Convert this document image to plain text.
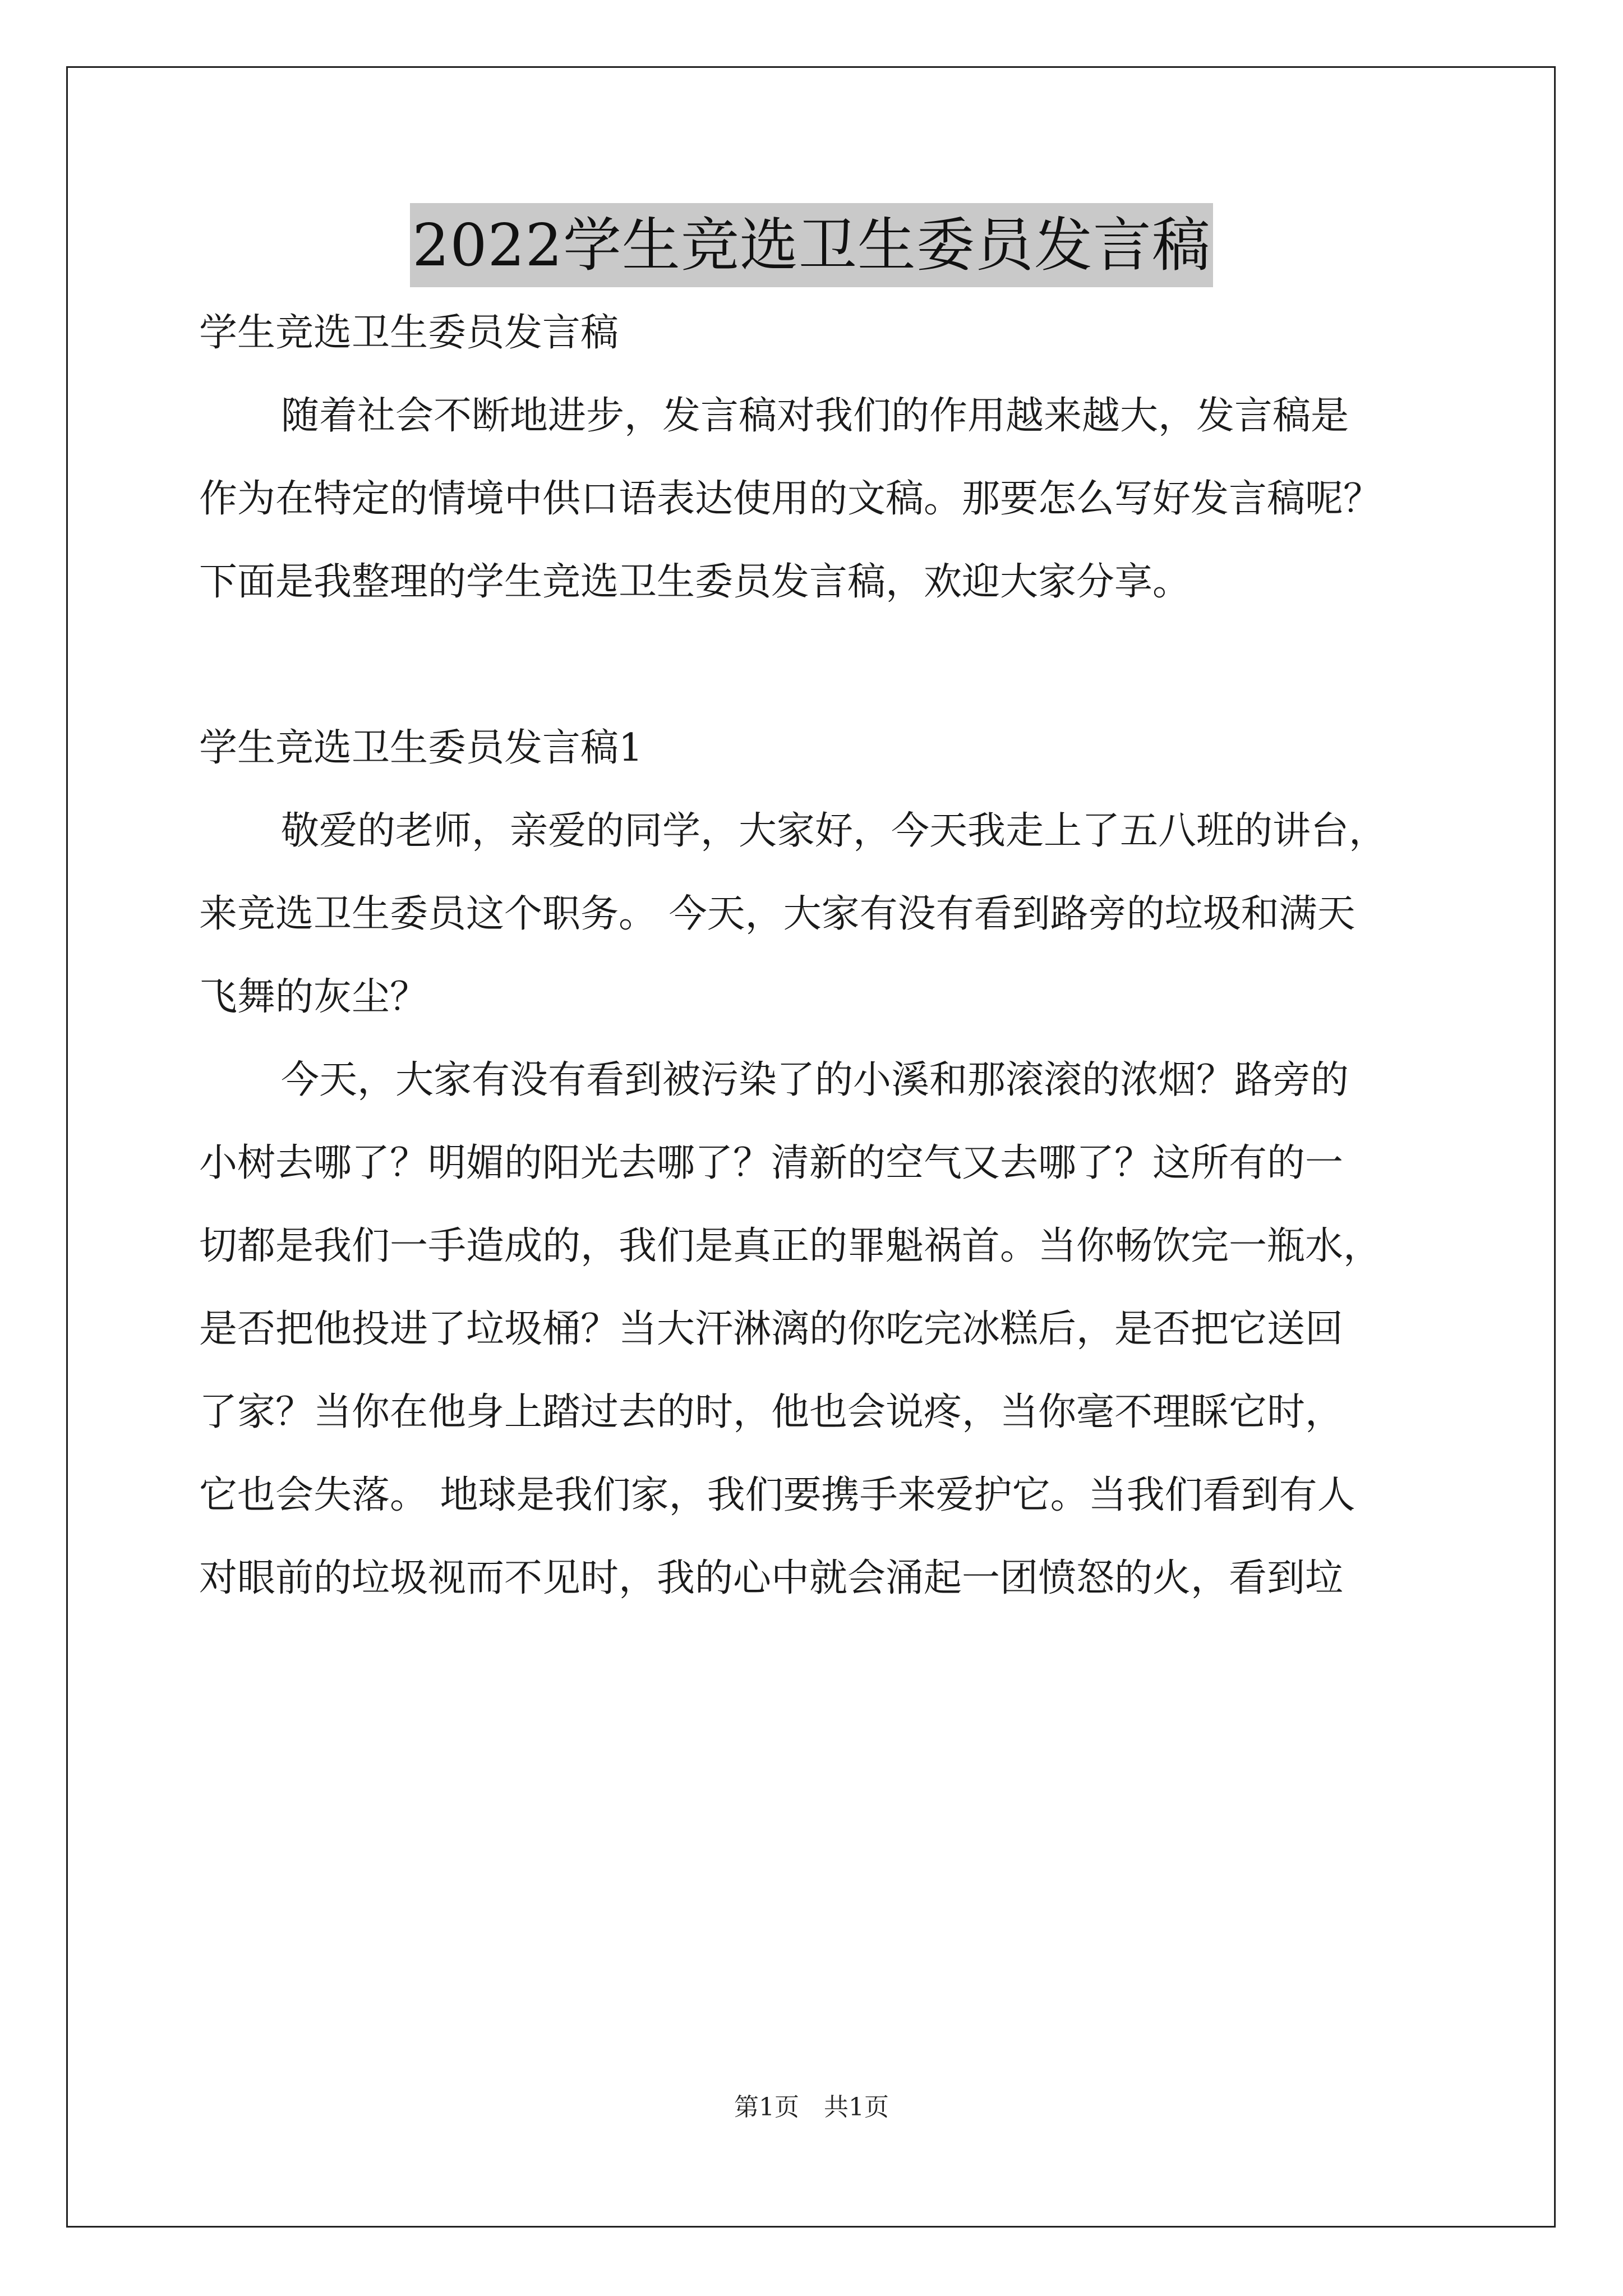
2022学生竞选卫生委员发言稿
学生竞选卫生委员发言稿
随着社会不断地进步，发言稿对我们的作用越来越大，发言稿是
作为在特定的情境中供口语表达使用的文稿。那要怎么写好发言稿呢？
下面是我整理的学生竞选卫生委员发言稿，欢迎大家分享。
学生竞选卫生委员发言稿1
敬爱的老师，亲爱的同学，大家好，今天我走上了五八班的讲台，
来竞选卫生委员这个职务。 今天，大家有没有看到路旁的垃圾和满天
飞舞的灰尘？
今天，大家有没有看到被污染了的小溪和那滚滚的浓烟？路旁的
小树去哪了？明媚的阳光去哪了？清新的空气又去哪了？这所有的一
切都是我们一手造成的，我们是真正的罪魁祸首。当你畅饮完一瓶水，
是否把他投进了垃圾桶？当大汗淋漓的你吃完冰糕后，是否把它送回
了家？当你在他身上踏过去的时，他也会说疼，当你毫不理睬它时，
它也会失落。 地球是我们家，我们要携手来爱护它。当我们看到有人
对眼前的垃圾视而不见时，我的心中就会涌起一团愤怒的火，看到垃
第1页　共1页
